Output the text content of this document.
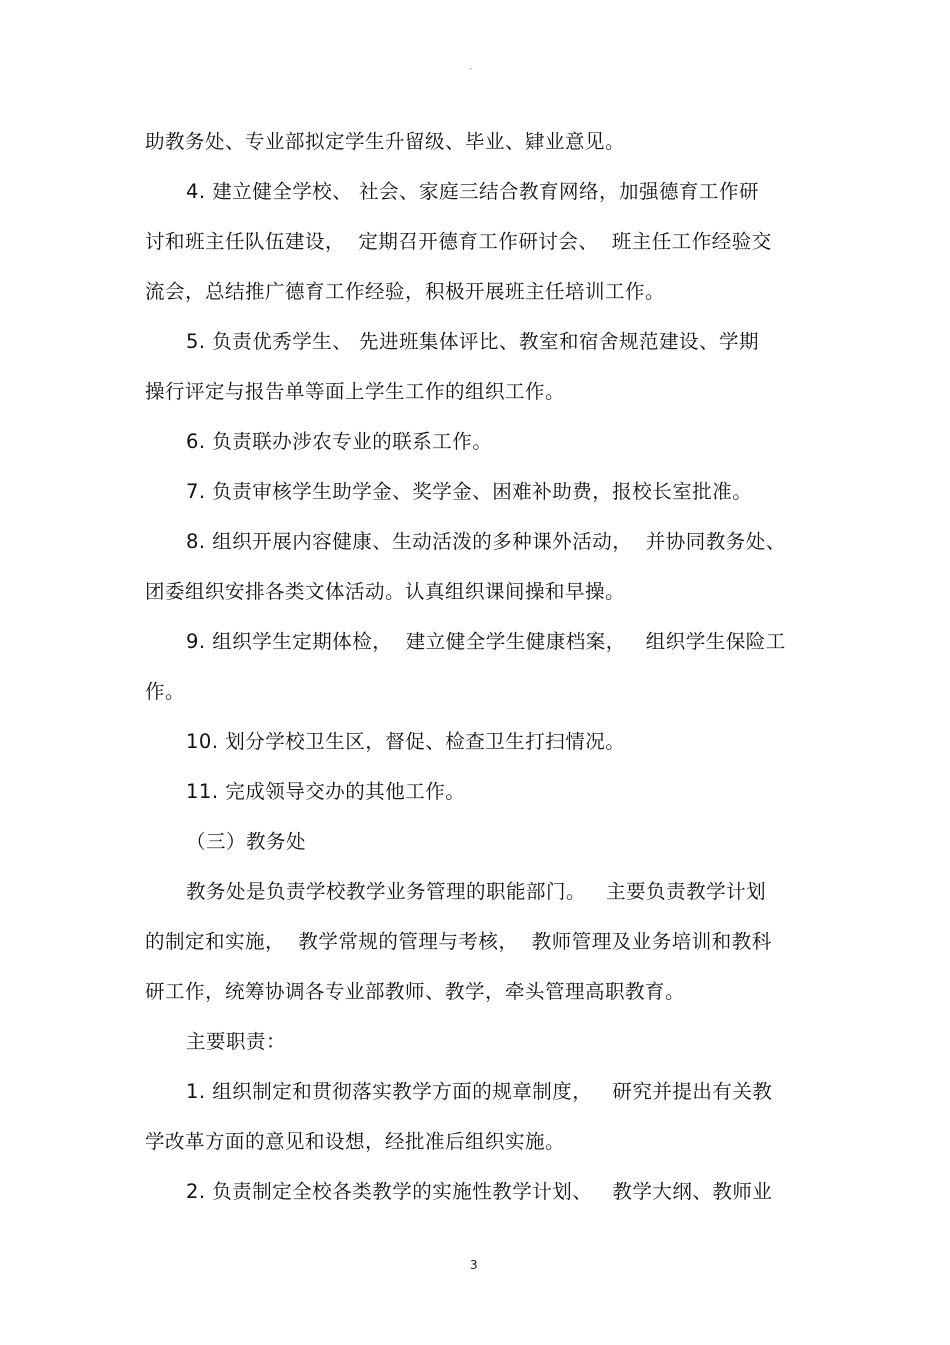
-
助教务处、专业部拟定学生升留级、毕业、肄业意见。
4. 建立健全学校、 社会、家庭三结合教育网络，加强德育工作研
讨和班主任队伍建设，  定期召开德育工作研讨会、  班主任工作经验交
流会，总结推广德育工作经验，积极开展班主任培训工作。
5. 负责优秀学生、 先进班集体评比、教室和宿舍规范建设、学期
操行评定与报告单等面上学生工作的组织工作。
6. 负责联办涉农专业的联系工作。
7. 负责审核学生助学金、奖学金、困难补助费，报校长室批准。
8. 组织开展内容健康、生动活泼的多种课外活动，  并协同教务处、
团委组织安排各类文体活动。认真组织课间操和早操。
9. 组织学生定期体检，  建立健全学生健康档案，   组织学生保险工
作。
10. 划分学校卫生区，督促、检查卫生打扫情况。
11. 完成领导交办的其他工作。
（三）教务处
教务处是负责学校教学业务管理的职能部门。   主要负责教学计划
的制定和实施，  教学常规的管理与考核，  教师管理及业务培训和教科
研工作，统筹协调各专业部教师、教学，牵头管理高职教育。
主要职责：
1. 组织制定和贯彻落实教学方面的规章制度，   研究并提出有关教
学改革方面的意见和设想，经批准后组织实施。
2. 负责制定全校各类教学的实施性教学计划、   教学大纲、教师业
3
